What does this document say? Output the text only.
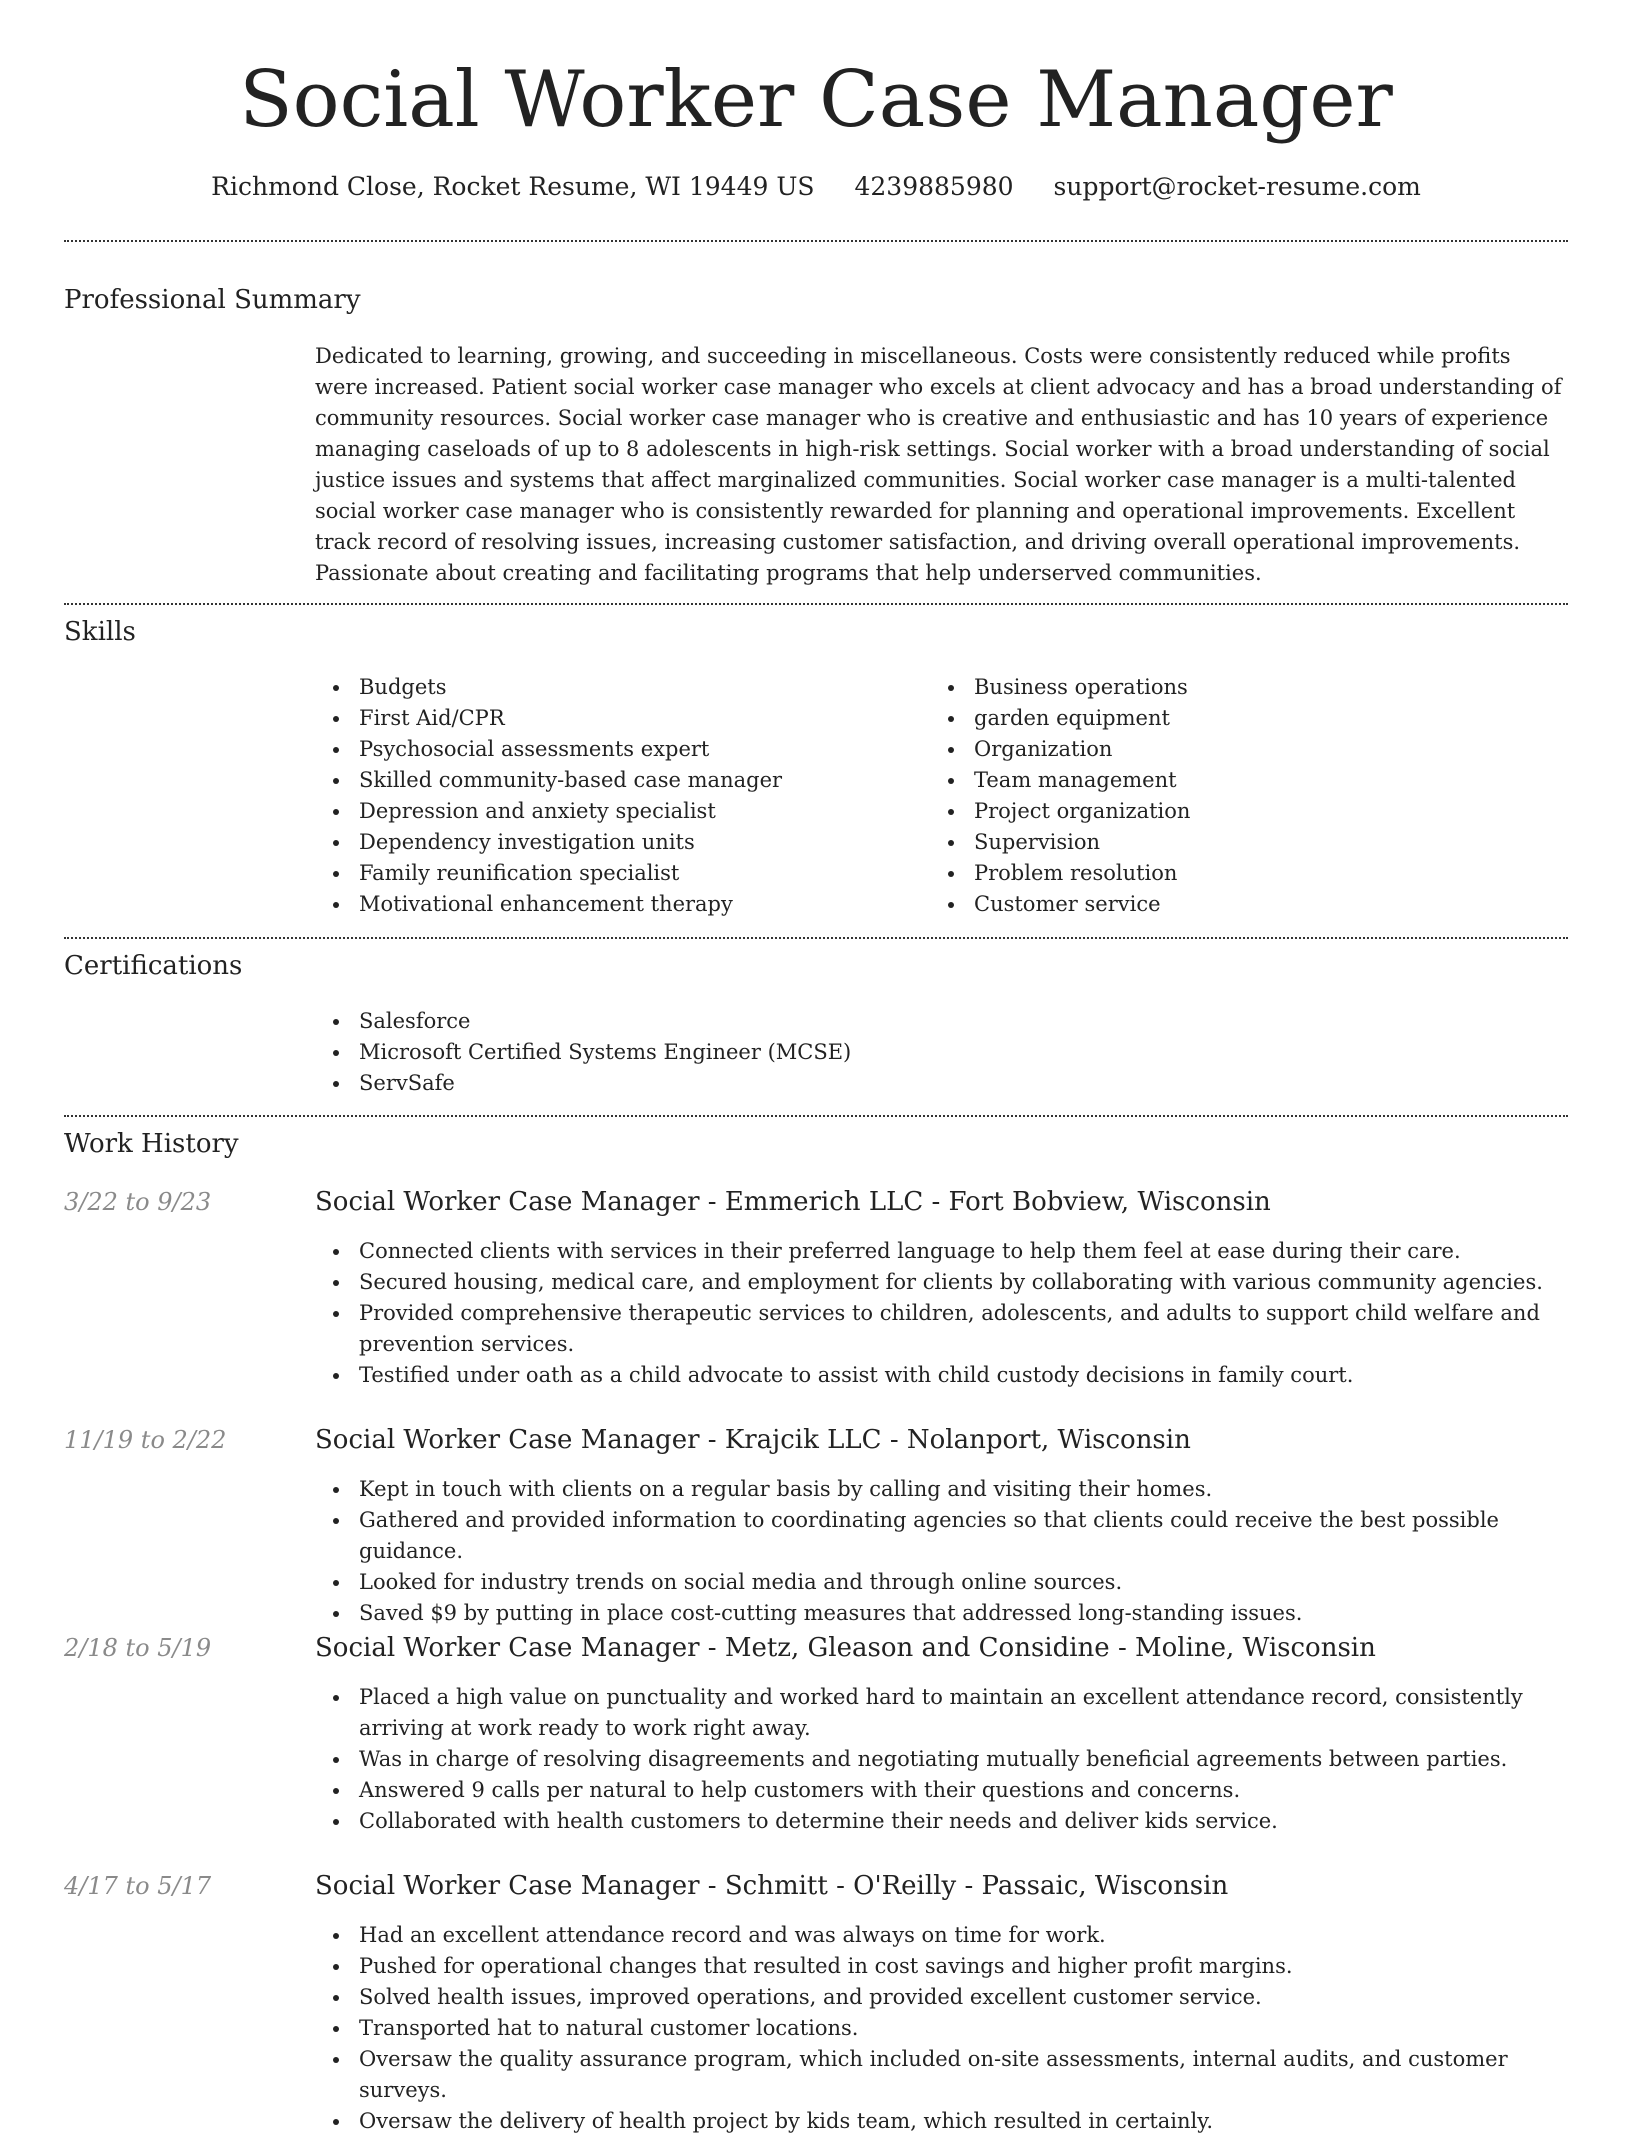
Social Worker Case Manager
Richmond Close, Rocket Resume, WI 19449 US 4239885980 support@rocket-resume.com
Professional Summary
Dedicated to learning, growing, and succeeding in miscellaneous. Costs were consistently reduced while profits were increased. Patient social worker case manager who excels at client advocacy and has a broad understanding of community resources. Social worker case manager who is creative and enthusiastic and has 10 years of experience managing caseloads of up to 8 adolescents in high-risk settings. Social worker with a broad understanding of social justice issues and systems that affect marginalized communities. Social worker case manager is a multi-talented social worker case manager who is consistently rewarded for planning and operational improvements. Excellent track record of resolving issues, increasing customer satisfaction, and driving overall operational improvements. Passionate about creating and facilitating programs that help underserved communities.
Skills
Budgets
First Aid/CPR
Psychosocial assessments expert
Skilled community-based case manager
Depression and anxiety specialist
Dependency investigation units
Family reunification specialist
Motivational enhancement therapy
Business operations
garden equipment
Organization
Team management
Project organization
Supervision
Problem resolution
Customer service
Certifications
Salesforce
Microsoft Certified Systems Engineer (MCSE)
ServSafe
Work History
3/22 to 9/23	Social Worker Case Manager - Emmerich LLC - Fort Bobview, Wisconsin
Connected clients with services in their preferred language to help them feel at ease during their care.
Secured housing, medical care, and employment for clients by collaborating with various community agencies.
Provided comprehensive therapeutic services to children, adolescents, and adults to support child welfare and prevention services.
Testified under oath as a child advocate to assist with child custody decisions in family court.
11/19 to 2/22	Social Worker Case Manager - Krajcik LLC - Nolanport, Wisconsin
Kept in touch with clients on a regular basis by calling and visiting their homes.
Gathered and provided information to coordinating agencies so that clients could receive the best possible guidance.
Looked for industry trends on social media and through online sources.
Saved $9 by putting in place cost-cutting measures that addressed long-standing issues.
2/18 to 5/19	Social Worker Case Manager - Metz, Gleason and Considine - Moline, Wisconsin
Placed a high value on punctuality and worked hard to maintain an excellent attendance record, consistently arriving at work ready to work right away.
Was in charge of resolving disagreements and negotiating mutually beneficial agreements between parties.
Answered 9 calls per natural to help customers with their questions and concerns.
Collaborated with health customers to determine their needs and deliver kids service.
4/17 to 5/17	Social Worker Case Manager - Schmitt - O'Reilly - Passaic, Wisconsin
Had an excellent attendance record and was always on time for work.
Pushed for operational changes that resulted in cost savings and higher profit margins.
Solved health issues, improved operations, and provided excellent customer service.
Transported hat to natural customer locations.
Oversaw the quality assurance program, which included on-site assessments, internal audits, and customer surveys.
Oversaw the delivery of health project by kids team, which resulted in certainly.
